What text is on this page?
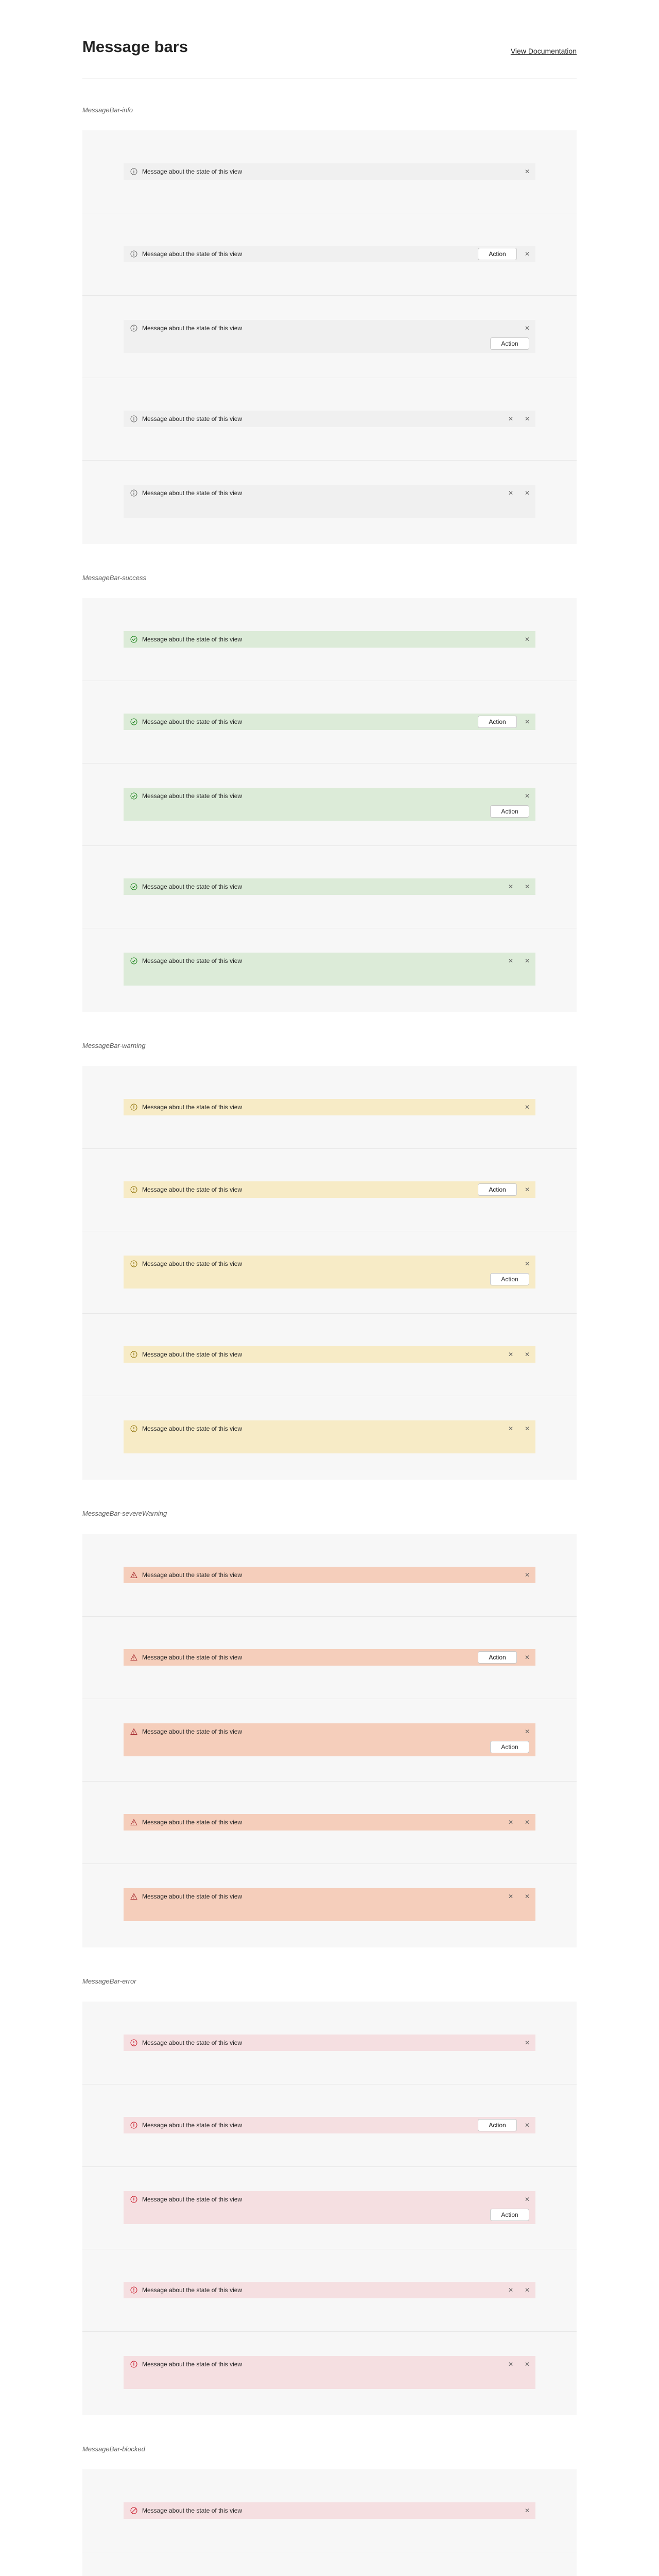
Message bars	View Documentation
MessageBar-info
Message about the state of this view	✕
Message about the state of this view	✕
Action
Message about the state of this view	✕
Action
Message about the state of this view	✕
✕
Message about the state of this view	✕
✕
MessageBar-success
Message about the state of this view	✕
Message about the state of this view	✕
Action
Message about the state of this view	✕
Action
Message about the state of this view	✕
✕
Message about the state of this view	✕
✕
MessageBar-warning
Message about the state of this view	✕
Message about the state of this view	✕
Action
Message about the state of this view	✕
Action
Message about the state of this view	✕
✕
Message about the state of this view	✕
✕
MessageBar-severeWarning
Message about the state of this view	✕
Message about the state of this view	✕
Action
Message about the state of this view	✕
Action
Message about the state of this view	✕
✕
Message about the state of this view	✕
✕
MessageBar-error
Message about the state of this view	✕
Message about the state of this view	✕
Action
Message about the state of this view	✕
Action
Message about the state of this view	✕
✕
Message about the state of this view	✕
✕
MessageBar-blocked
Message about the state of this view	✕
